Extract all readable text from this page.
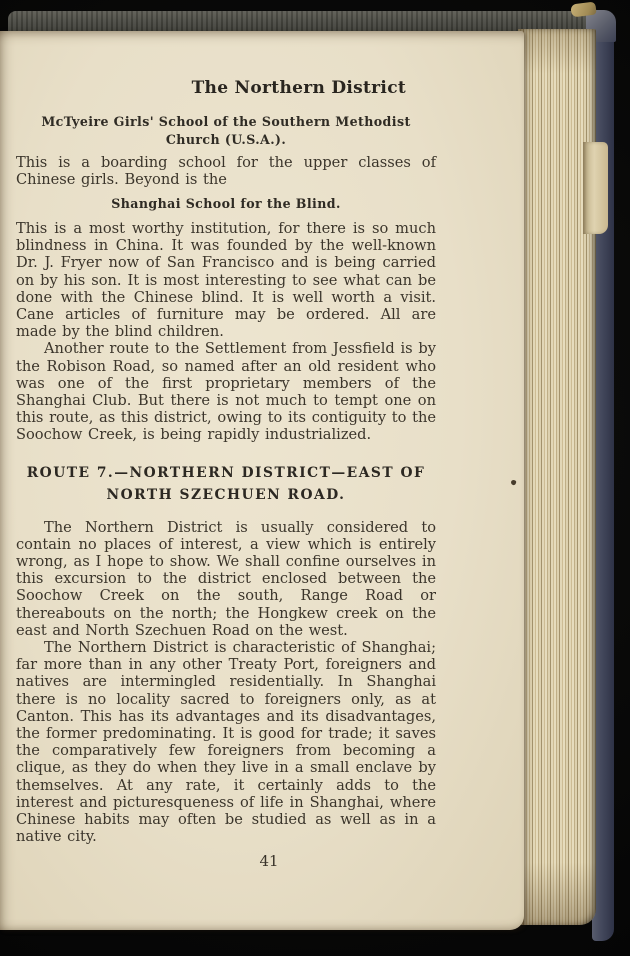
The Northern District
McTyeire Girls' School of the Southern Methodist
Church (U.S.A.).

This is a boarding school for the upper classes of Chinese girls. Beyond is the

Shanghai School for the Blind.

This is a most worthy institution, for there is so much blindness in China. It was founded by the well-known Dr. J. Fryer now of San Francisco and is being carried on by his son. It is most interesting to see what can be done with the Chinese blind. It is well worth a visit. Cane articles of furniture may be ordered. All are made by the blind children.

Another route to the Settlement from Jessfield is by the Robison Road, so named after an old resident who was one of the first proprietary members of the Shanghai Club. But there is not much to tempt one on this route, as this district, owing to its contiguity to the Soochow Creek, is being rapidly industrialized.

ROUTE 7.—NORTHERN DISTRICT—EAST OF
NORTH SZECHUEN ROAD.

The Northern District is usually considered to contain no places of interest, a view which is entirely wrong, as I hope to show. We shall confine ourselves in this excursion to the district enclosed between the Soochow Creek on the south, Range Road or thereabouts on the north; the Hongkew creek on the east and North Szechuen Road on the west.

The Northern District is characteristic of Shanghai; far more than in any other Treaty Port, foreigners and natives are intermingled residentially. In Shanghai there is no locality sacred to foreigners only, as at Canton. This has its advantages and its disadvantages, the former predominating. It is good for trade; it saves the comparatively few foreigners from becoming a clique, as they do when they live in a small enclave by themselves. At any rate, it certainly adds to the interest and picturesqueness of life in Shanghai, where Chinese habits may often be studied as well as in a native city.

41
